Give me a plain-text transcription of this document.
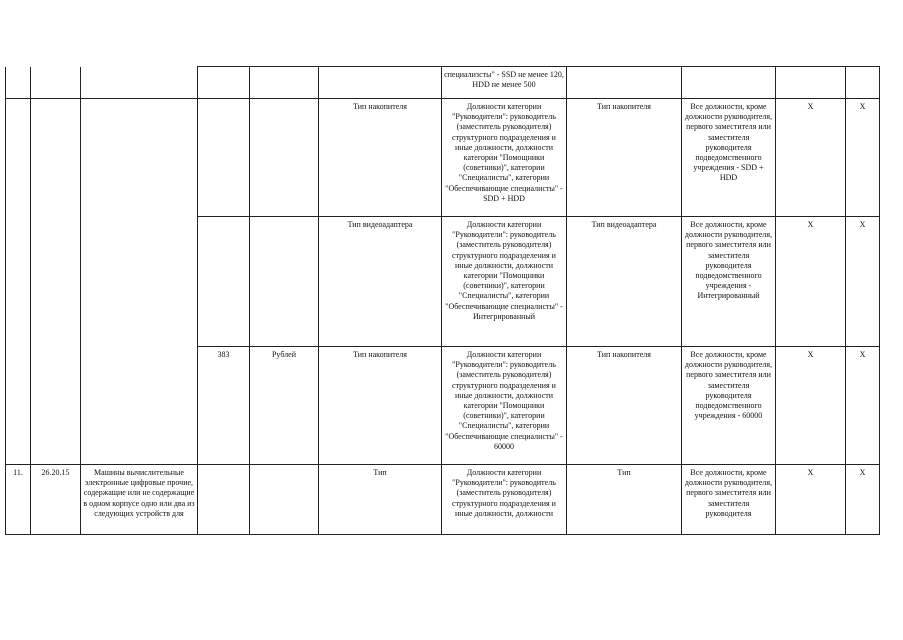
						специализсты" - SSD не менее 120, HDD не менее 500				
					Тип накопителя	Должности категории "Руководители": руководитель (заместитель руководителя) структурного подразделения и иные должности, должности категории "Помощники (советники)", категории "Специалисты", категории "Обеспечивающие специалисты" - SDD + HDD	Тип накопителя	Все должности, кроме должности руководителя, первого заместителя или заместителя руководителя подведомственного учреждения - SDD + HDD	X	X
					Тип видеоадаптера	Должности категории "Руководители": руководитель (заместитель руководителя) структурного подразделения и иные должности, должности категории "Помощники (советники)", категории "Специалисты", категории "Обеспечивающие специалисты" - Интегрированный	Тип видеоадаптера	Все должности, кроме должности руководителя, первого заместителя или заместителя руководителя подведомственного учреждения - Интегрированный	X	X
			383	Рублей	Тип накопителя	Должности категории "Руководители": руководитель (заместитель руководителя) структурного подразделения и иные должности, должности категории "Помощники (советники)", категории "Специалисты", категории "Обеспечивающие специалисты" - 60000	Тип накопителя	Все должности, кроме должности руководителя, первого заместителя или заместителя руководителя подведомственного учреждения - 60000	X	X
11.	26.20.15	Машины вычислительные электронные цифровые прочие, содержащие или не содержащие в одном корпусе одно или два из следующих устройств для			Тип	Должности категории "Руководители": руководитель (заместитель руководителя) структурного подразделения и иные должности, должности	Тип	Все должности, кроме должности руководителя, первого заместителя или заместителя руководителя	X	X
